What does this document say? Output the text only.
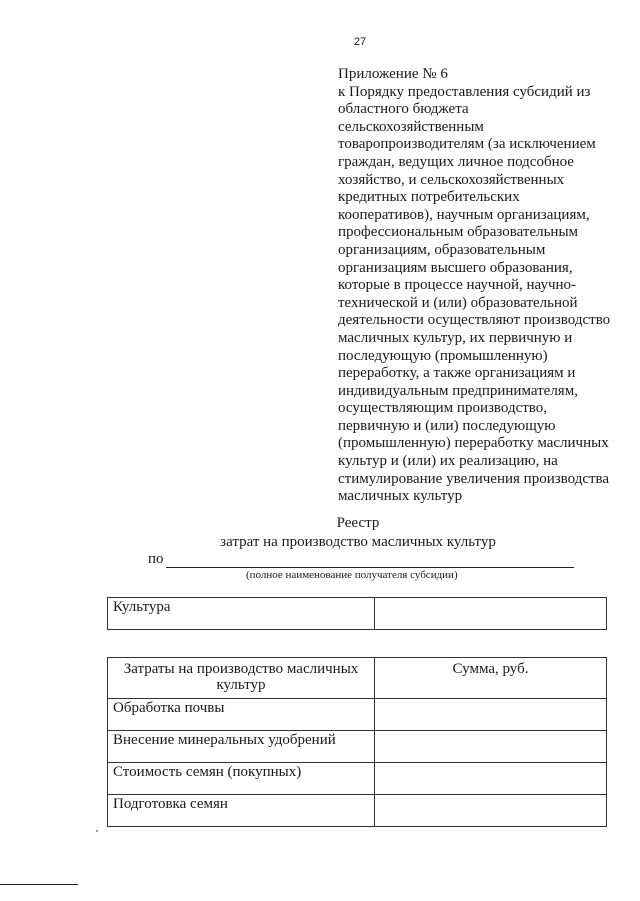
27
Приложение № 6
к Порядку предоставления субсидий из
областного бюджета
сельскохозяйственным
товаропроизводителям (за исключением
граждан, ведущих личное подсобное
хозяйство, и сельскохозяйственных
кредитных потребительских
кооперативов), научным организациям,
профессиональным образовательным
организациям, образовательным
организациям высшего образования,
которые в процессе научной, научно-
технической и (или) образовательной
деятельности осуществляют производство
масличных культур, их первичную и
последующую (промышленную)
переработку, а также организациям и
индивидуальным предпринимателям,
осуществляющим производство,
первичную и (или) последующую
(промышленную) переработку масличных
культур и (или) их реализацию, на
стимулирование увеличения производства
масличных культур
Реестр
затрат на производство масличных культур
по
(полное наименование получателя субсидии)
Культура	
Затраты на производство масличных культур	Сумма, руб.
Обработка почвы	
Внесение минеральных удобрений	
Стоимость семян (покупных)	
Подготовка семян	
